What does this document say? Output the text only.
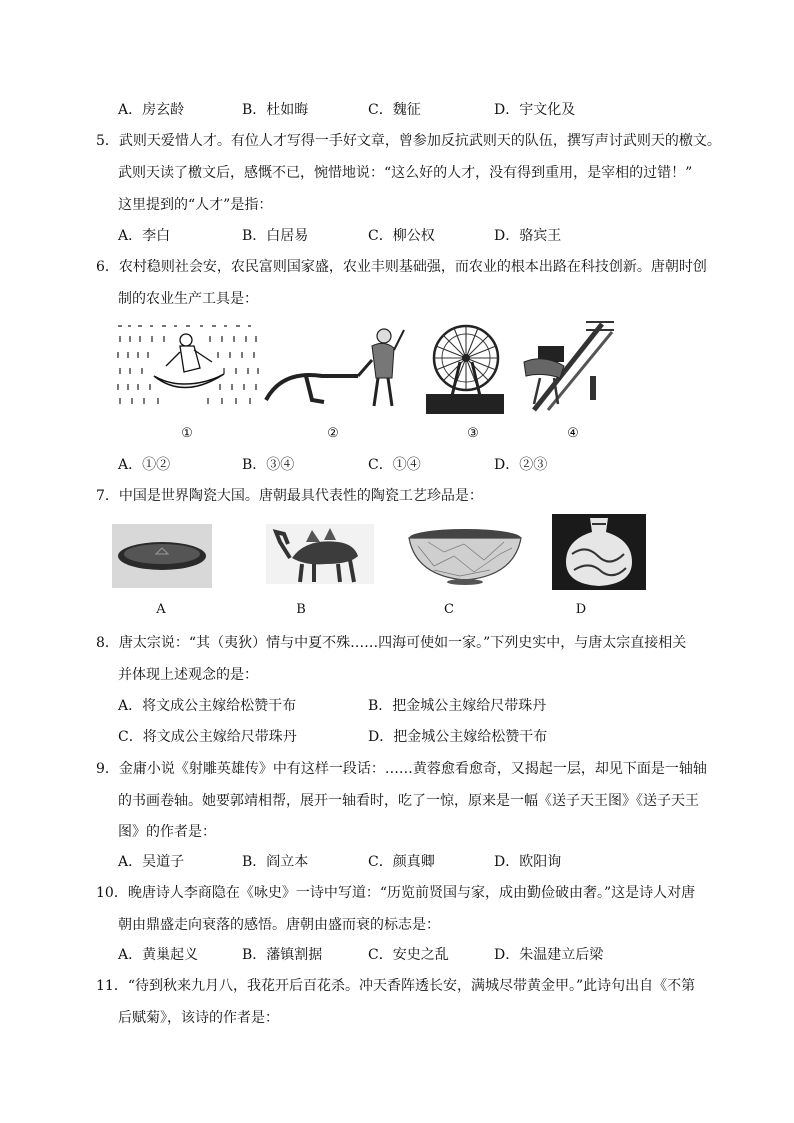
A．房玄龄	B．杜如晦	C．魏征	D．宇文化及
5．武则天爱惜人才。有位人才写得一手好文章，曾参加反抗武则天的队伍，撰写声讨武则天的檄文。
武则天读了檄文后，感慨不已，惋惜地说：“这么好的人才，没有得到重用，是宰相的过错！”
这里提到的“人才”是指：
A．李白	B．白居易	C．柳公权	D．骆宾王
6．农村稳则社会安，农民富则国家盛，农业丰则基础强，而农业的根本出路在科技创新。唐朝时创
制的农业生产工具是：
①	②	③	④
A．①②	B．③④	C．①④	D．②③
7．中国是世界陶瓷大国。唐朝最具代表性的陶瓷工艺珍品是：
A	B	C	D
8．唐太宗说：“其（夷狄）情与中夏不殊……四海可使如一家。”下列史实中，与唐太宗直接相关
并体现上述观念的是：
A．将文成公主嫁给松赞干布	B．把金城公主嫁给尺带珠丹
C．将文成公主嫁给尺带珠丹	D．把金城公主嫁给松赞干布
9．金庸小说《射雕英雄传》中有这样一段话：……黄蓉愈看愈奇，又揭起一层，却见下面是一轴轴
的书画卷轴。她要郭靖相帮，展开一轴看时，吃了一惊，原来是一幅《送子天王图》《送子天王
图》的作者是：
A．吴道子	B．阎立本	C．颜真卿	D．欧阳询
10．晚唐诗人李商隐在《咏史》一诗中写道：“历览前贤国与家，成由勤俭破由奢。”这是诗人对唐
朝由鼎盛走向衰落的感悟。唐朝由盛而衰的标志是：
A．黄巢起义	B．藩镇割据	C．安史之乱	D．朱温建立后梁
11．“待到秋来九月八，我花开后百花杀。冲天香阵透长安，满城尽带黄金甲。”此诗句出自《不第
后赋菊》，该诗的作者是：
